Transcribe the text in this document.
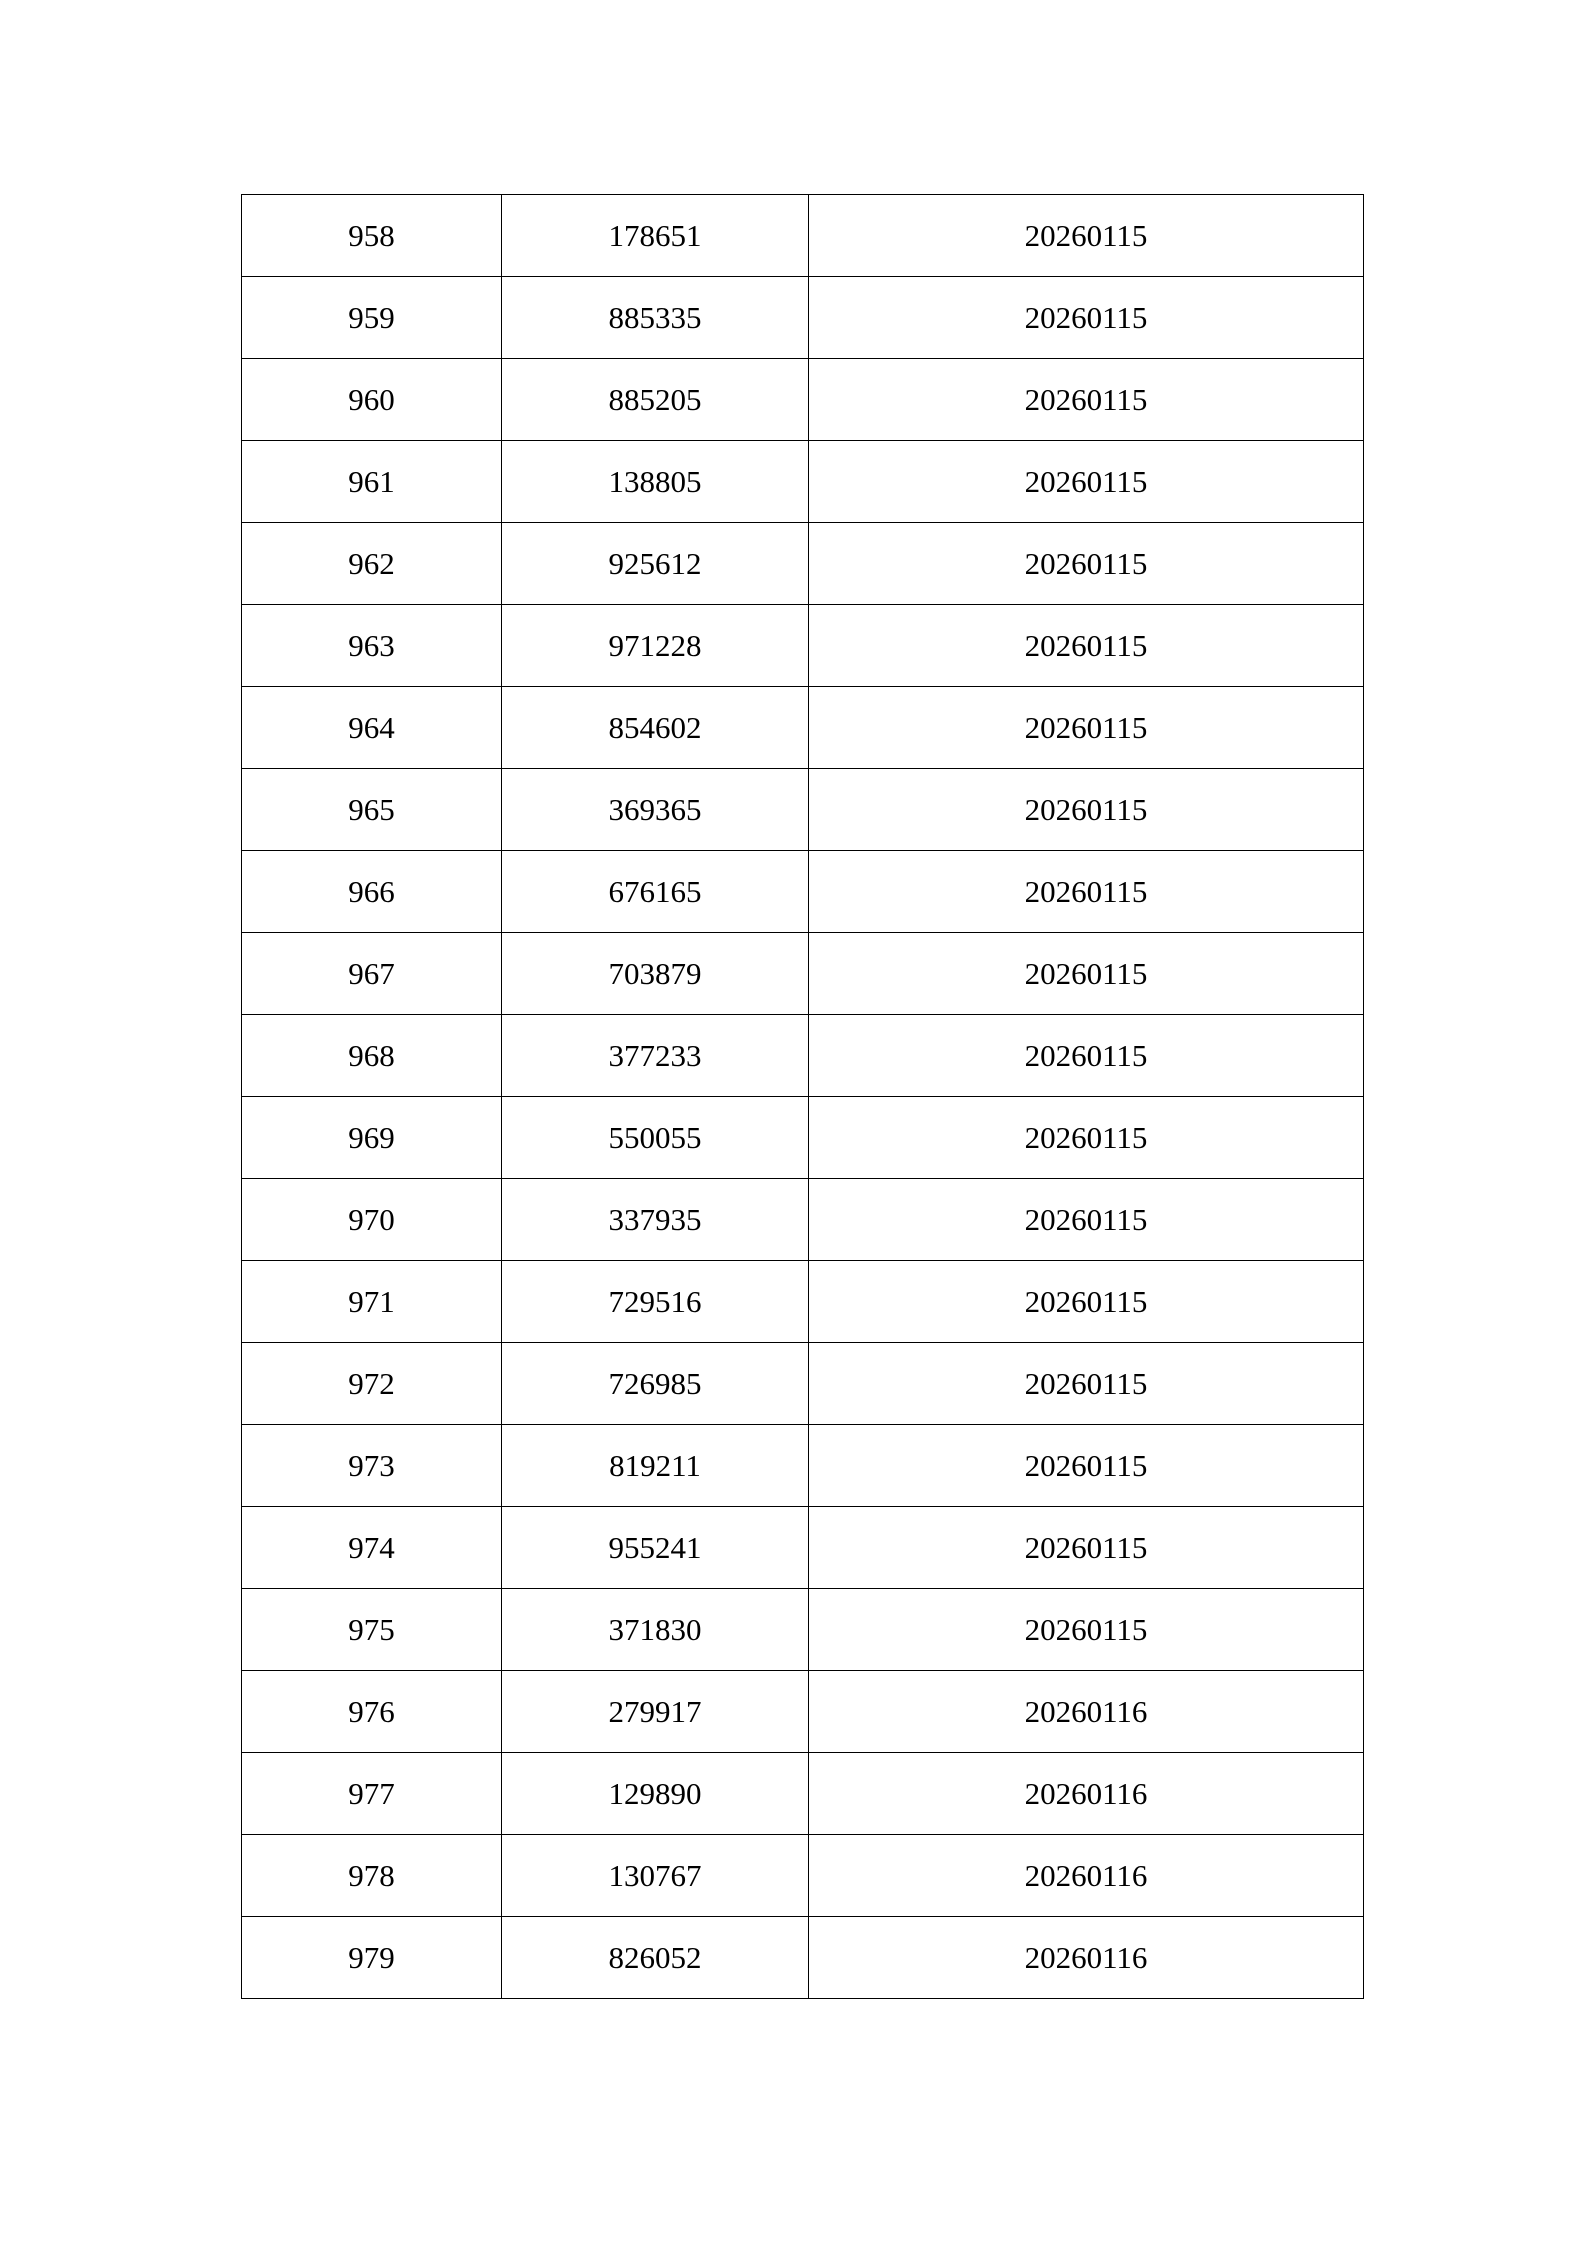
958	178651	20260115
959	885335	20260115
960	885205	20260115
961	138805	20260115
962	925612	20260115
963	971228	20260115
964	854602	20260115
965	369365	20260115
966	676165	20260115
967	703879	20260115
968	377233	20260115
969	550055	20260115
970	337935	20260115
971	729516	20260115
972	726985	20260115
973	819211	20260115
974	955241	20260115
975	371830	20260115
976	279917	20260116
977	129890	20260116
978	130767	20260116
979	826052	20260116
